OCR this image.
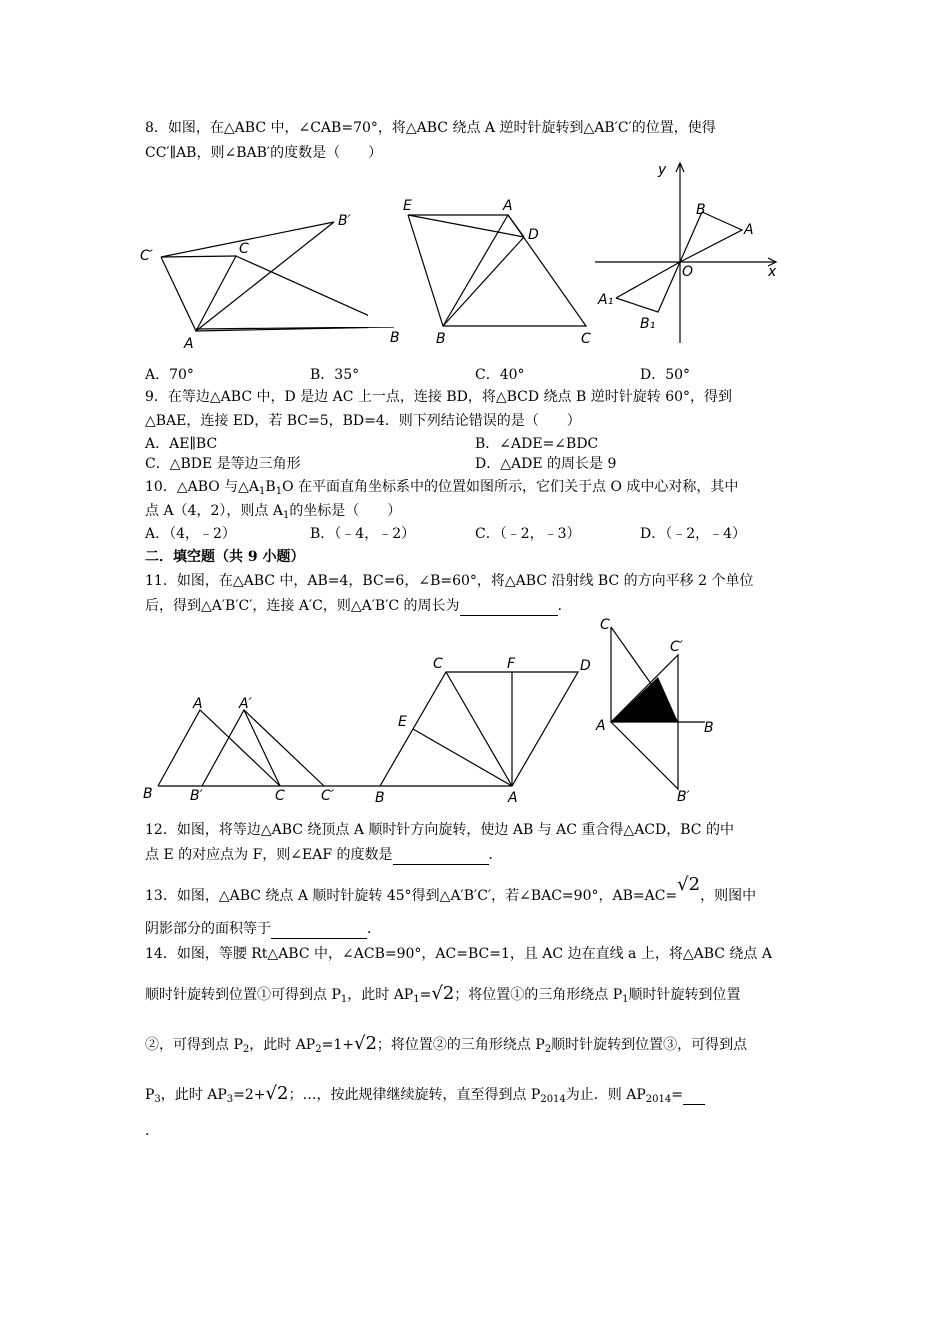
8．如图，在△ABC 中，∠CAB=70°，将△ABC 绕点 A 逆时针旋转到△AB′C′的位置，使得
CC′∥AB，则∠BAB′的度数是（　　）
C′	C
B′
A	B
E	A
D
B	C
y
B
A
O	x
A₁
B₁
A．70°	B．35°	C．40°	D．50°
9．在等边△ABC 中，D 是边 AC 上一点，连接 BD，将△BCD 绕点 B 逆时针旋转 60°，得到
△BAE，连接 ED，若 BC=5，BD=4．则下列结论错误的是（　　）
A．AE∥BC	B．∠ADE=∠BDC
C．△BDE 是等边三角形	D．△ADE 的周长是 9
10．△ABO 与$\triangle A_1B_1O$ 在平面直角坐标系中的位置如图所示，它们关于点 O 成中心对称，其中
点 A（4，2），则点 $A_1$的坐标是（　　）
A．（4，﹣2）	B．（﹣4，﹣2）	C．（﹣2，﹣3）	D．（﹣2，﹣4）
二．填空题（共 9 小题）
11．如图，在△ABC 中，AB=4，BC=6，∠B=60°，将△ABC 沿射线 BC 的方向平移 2 个单位
后，得到△A′B′C′，连接 A′C，则△A′B′C 的周长为	．
A	A′
B	B′	C	C′
C	F	D
E
B	A
C
C′
A	B
B′
12．如图，将等边△ABC 绕顶点 A 顺时针方向旋转，使边 AB 与 AC 重合得△ACD，BC 的中
点 E 的对应点为 F，则∠EAF 的度数是	．
13．如图，△ABC 绕点 A 顺时针旋转 45°得到△A′B′C′，若∠BAC=90°，AB=AC=√2，则图中
阴影部分的面积等于	．
14．如图，等腰 Rt△ABC 中，∠ACB=90°，AC=BC=1，且 AC 边在直线 a 上，将△ABC 绕点 A
顺时针旋转到位置①可得到点 $P_1$，此时 $AP_1=√2$；将位置①的三角形绕点 $P_1$顺时针旋转到位置
②，可得到点 $P_2$，此时 $AP_2=1+√2$；将位置②的三角形绕点 $P_2$顺时针旋转到位置③，可得到点
$P_3$，此时 $AP_3=2+√2$；…，按此规律继续旋转，直至得到点 $P_{2014}$为止．则 $AP_{2014}=$
．
